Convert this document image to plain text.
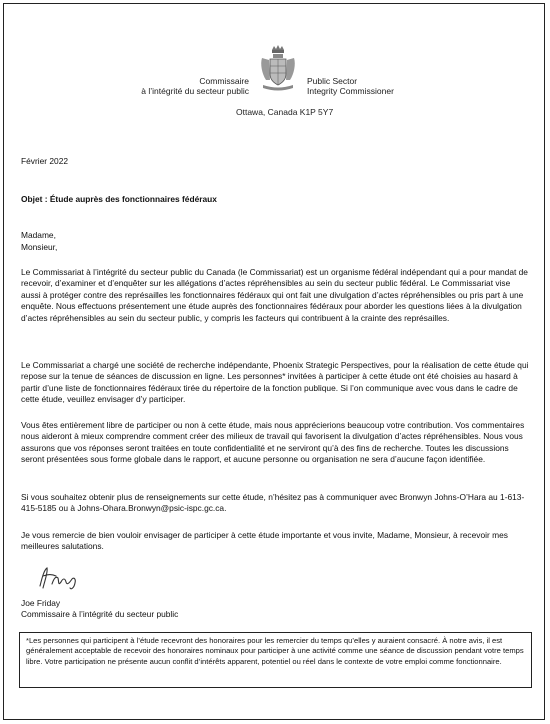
Commissaire
à l’intégrité du secteur public
Public Sector
Integrity Commissioner
Ottawa, Canada K1P 5Y7
Février 2022
Objet : Étude auprès des fonctionnaires fédéraux
Madame,
Monsieur,
Le Commissariat à l’intégrité du secteur public du Canada (le Commissariat) est un organisme fédéral indépendant qui a pour mandat de recevoir, d’examiner et d’enquêter sur les allégations d’actes répréhensibles au sein du secteur public fédéral. Le Commissariat vise aussi à protéger contre des représailles les fonctionnaires fédéraux qui ont fait une divulgation d’actes répréhensibles ou pris part à une enquête. Nous effectuons présentement une étude auprès des fonctionnaires fédéraux pour aborder les questions liées à la divulgation d’actes répréhensibles au sein du secteur public, y compris les facteurs qui contribuent à la crainte des représailles.
Le Commissariat a chargé une société de recherche indépendante, Phoenix Strategic Perspectives, pour la réalisation de cette étude qui repose sur la tenue de séances de discussion en ligne. Les personnes* invitées à participer à cette étude ont été choisies au hasard à partir d’une liste de fonctionnaires fédéraux tirée du répertoire de la fonction publique. Si l’on communique avec vous dans le cadre de cette étude, veuillez envisager d’y participer.
Vous êtes entièrement libre de participer ou non à cette étude, mais nous apprécierions beaucoup votre contribution. Vos commentaires nous aideront à mieux comprendre comment créer des milieux de travail qui favorisent la divulgation d’actes répréhensibles. Nous vous assurons que vos réponses seront traitées en toute confidentialité et ne serviront qu’à des fins de recherche. Toutes les discussions seront présentées sous forme globale dans le rapport, et aucune personne ou organisation ne sera d’aucune façon identifiée.
Si vous souhaitez obtenir plus de renseignements sur cette étude, n’hésitez pas à communiquer avec Bronwyn Johns-O’Hara au 1-613-415-5185 ou à Johns-Ohara.Bronwyn@psic-ispc.gc.ca.
Je vous remercie de bien vouloir envisager de participer à cette étude importante et vous invite, Madame, Monsieur, à recevoir mes meilleures salutations.
Joe Friday
Commissaire à l’intégrité du secteur public
*Les personnes qui participent à l’étude recevront des honoraires pour les remercier du temps qu’elles y auraient consacré. À notre avis, il est généralement acceptable de recevoir des honoraires nominaux pour participer à une activité comme une séance de discussion pendant votre temps libre. Votre participation ne présente aucun conflit d’intérêts apparent, potentiel ou réel dans le contexte de votre emploi comme fonctionnaire.
